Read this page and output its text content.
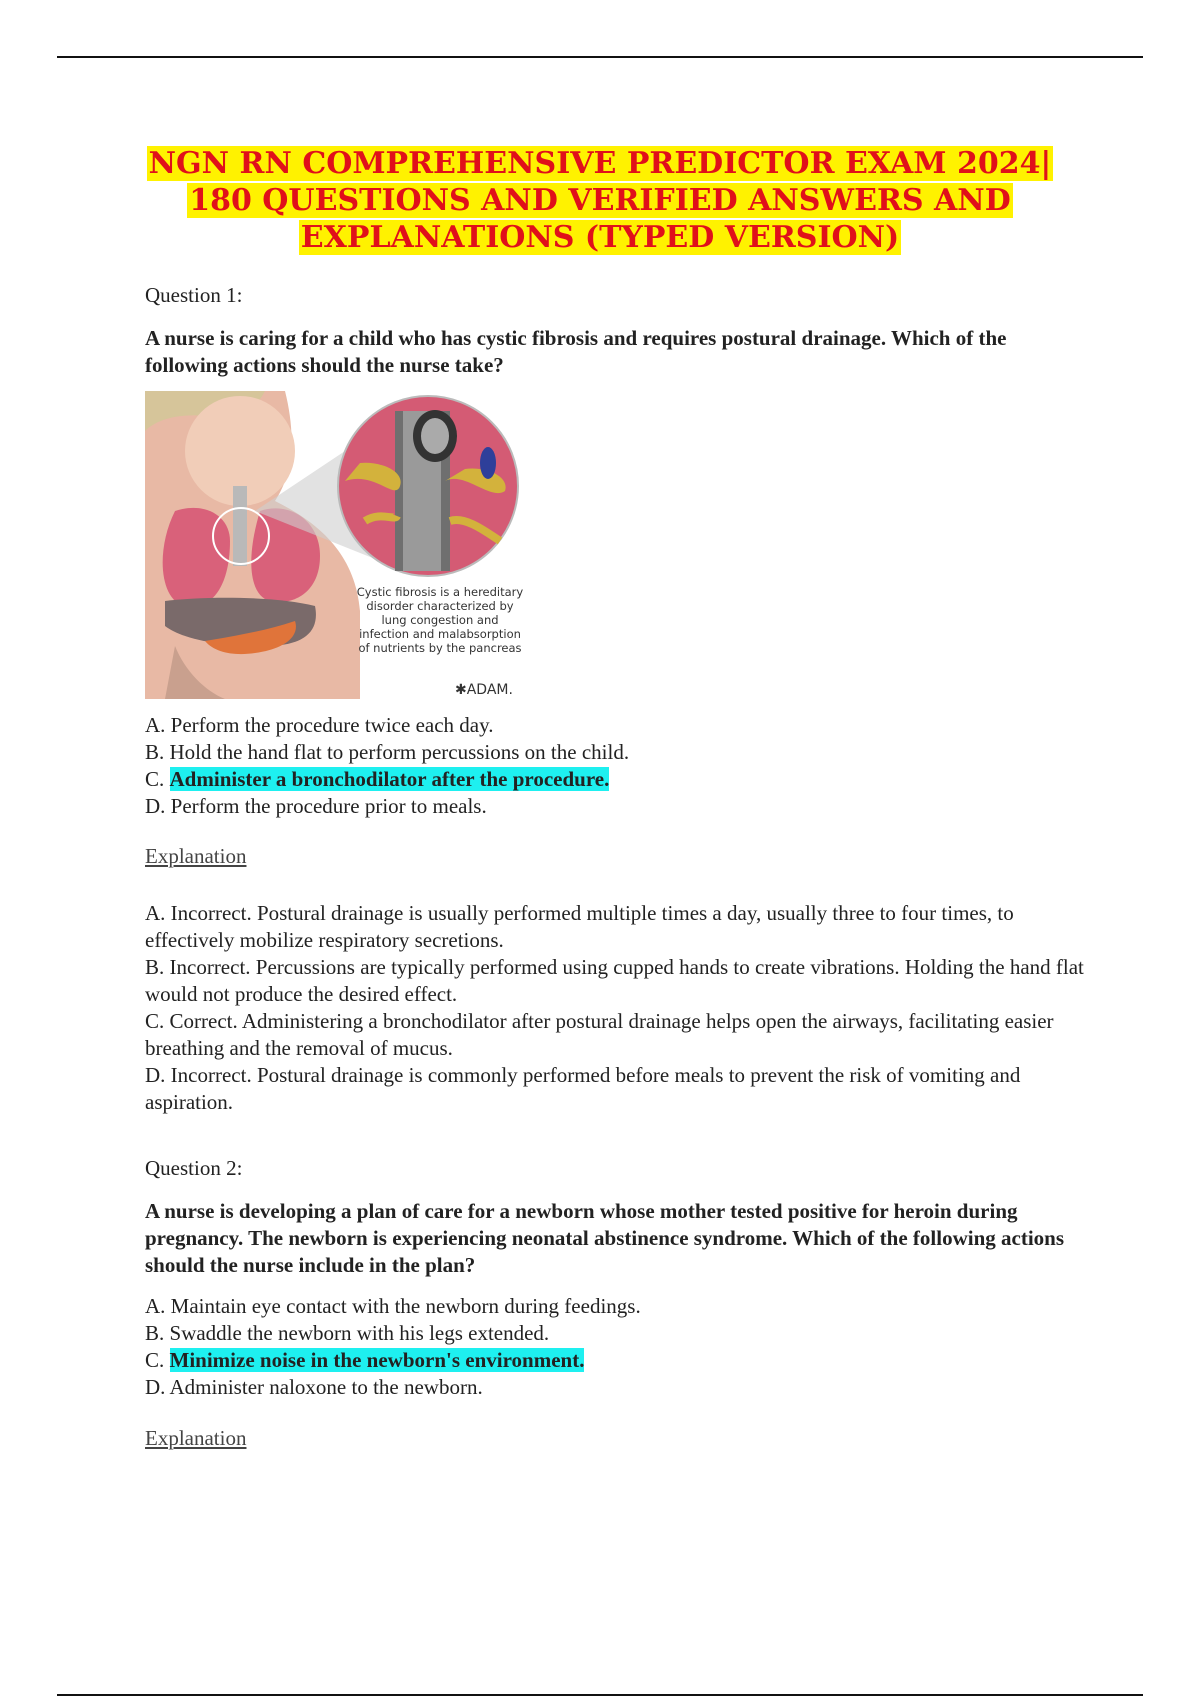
NGN RN COMPREHENSIVE PREDICTOR EXAM 2024|
180 QUESTIONS AND VERIFIED ANSWERS AND
EXPLANATIONS (TYPED VERSION)

Question 1:

A nurse is caring for a child who has cystic fibrosis and requires postural drainage. Which of the following actions should the nurse take?

Cystic fibrosis is a hereditary disorder characterized by lung congestion and infection and malabsorption of nutrients by the pancreas
✱ADAM.
A. Perform the procedure twice each day.
B. Hold the hand flat to perform percussions on the child.
C. Administer a bronchodilator after the procedure.
D. Perform the procedure prior to meals.
Explanation
A. Incorrect. Postural drainage is usually performed multiple times a day, usually three to four times, to effectively mobilize respiratory secretions.
B. Incorrect. Percussions are typically performed using cupped hands to create vibrations. Holding the hand flat would not produce the desired effect.
C. Correct. Administering a bronchodilator after postural drainage helps open the airways, facilitating easier breathing and the removal of mucus.
D. Incorrect. Postural drainage is commonly performed before meals to prevent the risk of vomiting and aspiration.

Question 2:

A nurse is developing a plan of care for a newborn whose mother tested positive for heroin during pregnancy. The newborn is experiencing neonatal abstinence syndrome. Which of the following actions should the nurse include in the plan?

A. Maintain eye contact with the newborn during feedings.
B. Swaddle the newborn with his legs extended.
C. Minimize noise in the newborn's environment.
D. Administer naloxone to the newborn.
Explanation
